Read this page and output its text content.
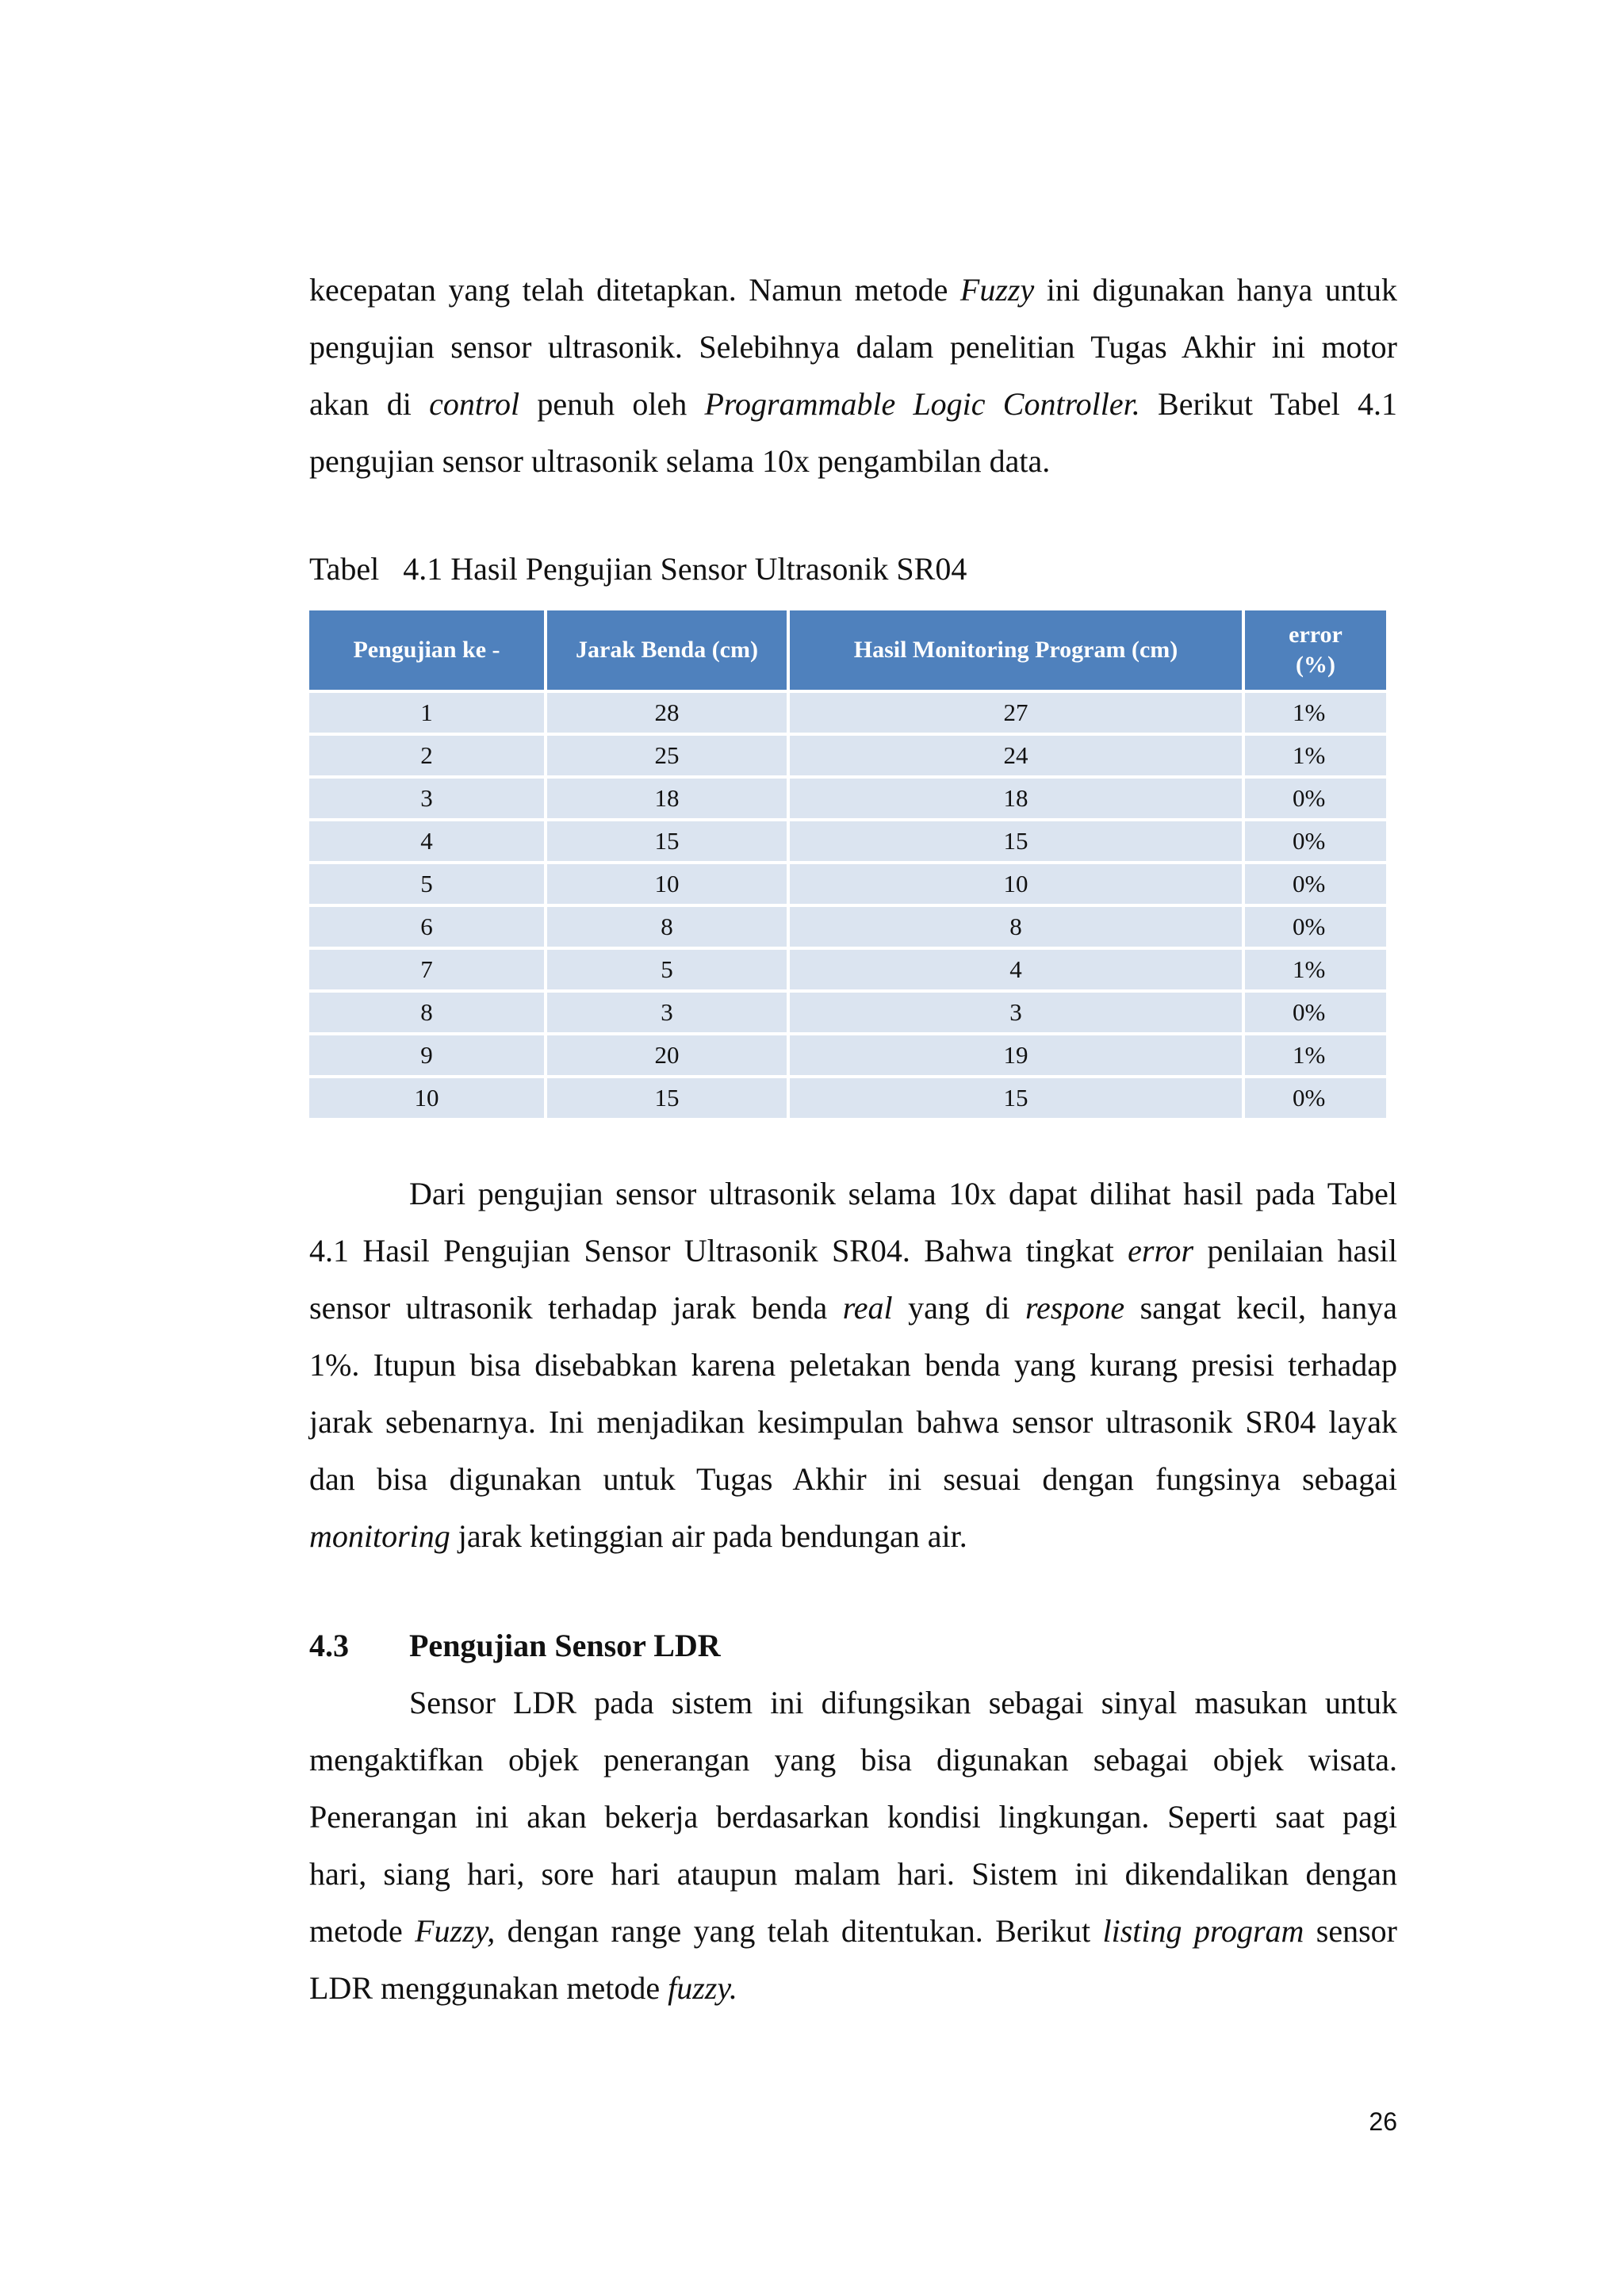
kecepatan yang telah ditetapkan. Namun metode Fuzzy ini digunakan hanya untuk
pengujian sensor ultrasonik. Selebihnya dalam penelitian Tugas Akhir ini motor
akan di control penuh oleh Programmable Logic Controller. Berikut Tabel 4.1
pengujian sensor ultrasonik selama 10x pengambilan data.

Tabel   4.1 Hasil Pengujian Sensor Ultrasonik SR04

Pengujian ke -	Jarak Benda (cm)	Hasil Monitoring Program (cm)	error
(%)
1	28	27	1%
2	25	24	1%
3	18	18	0%
4	15	15	0%
5	10	10	0%
6	8	8	0%
7	5	4	1%
8	3	3	0%
9	20	19	1%
10	15	15	0%
Dari pengujian sensor ultrasonik selama 10x dapat dilihat hasil pada Tabel
4.1 Hasil Pengujian Sensor Ultrasonik SR04. Bahwa tingkat error penilaian hasil
sensor ultrasonik terhadap jarak benda real yang di respone sangat kecil, hanya
1%. Itupun bisa disebabkan karena peletakan benda yang kurang presisi terhadap
jarak sebenarnya. Ini menjadikan kesimpulan bahwa sensor ultrasonik SR04 layak
dan bisa digunakan untuk Tugas Akhir ini sesuai dengan fungsinya sebagai
monitoring jarak ketinggian air pada bendungan air.

4.3 Pengujian Sensor LDR

Sensor LDR pada sistem ini difungsikan sebagai sinyal masukan untuk
mengaktifkan objek penerangan yang bisa digunakan sebagai objek wisata.
Penerangan ini akan bekerja berdasarkan kondisi lingkungan. Seperti saat pagi
hari, siang hari, sore hari ataupun malam hari. Sistem ini dikendalikan dengan
metode Fuzzy, dengan range yang telah ditentukan. Berikut listing program sensor
LDR menggunakan metode fuzzy.
26
